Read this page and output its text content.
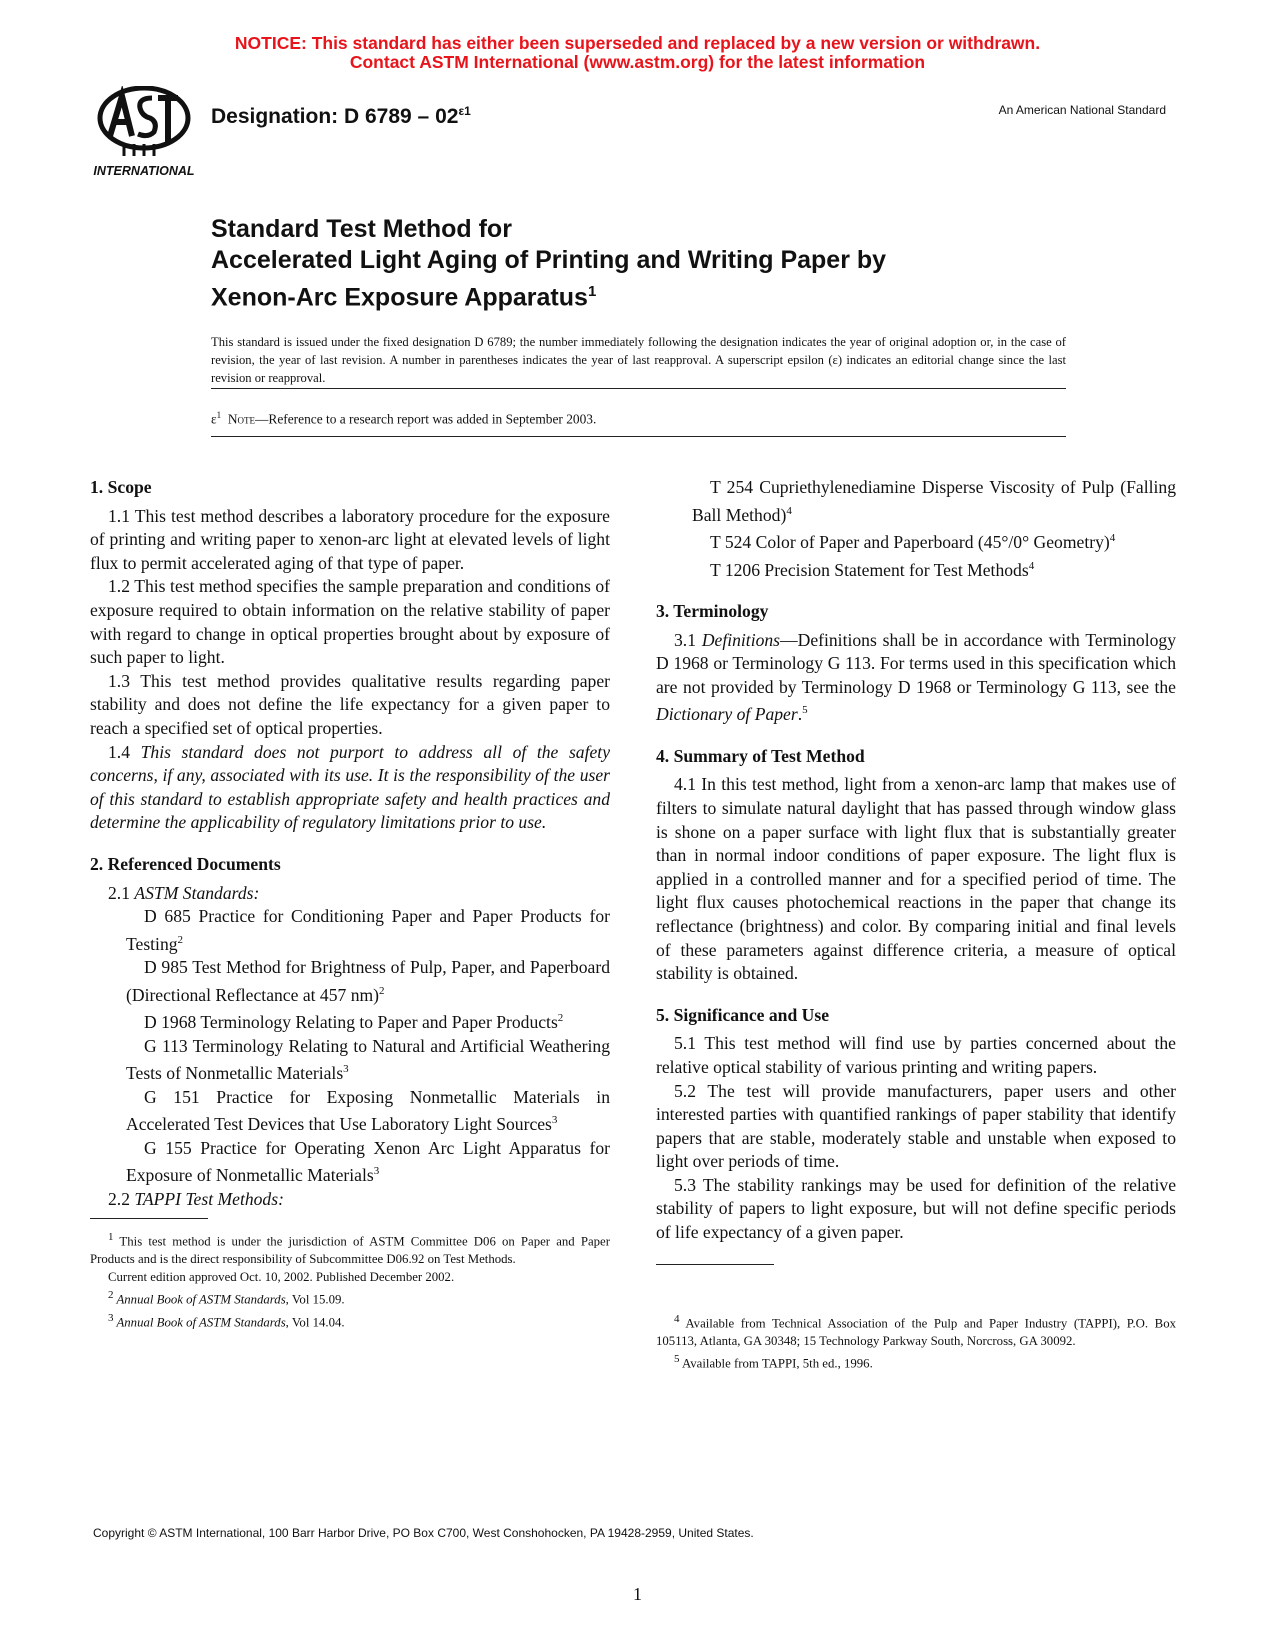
NOTICE: This standard has either been superseded and replaced by a new version or withdrawn.
Contact ASTM International (www.astm.org) for the latest information
INTERNATIONAL
Designation: D $6789 - 02^{\varepsilon 1}$	An American National Standard
Standard Test Method for
Accelerated Light Aging of Printing and Writing Paper by
Xenon-Arc Exposure Apparatus$^1$
This standard is issued under the fixed designation D 6789; the number immediately following the designation indicates the year of original adoption or, in the case of revision, the year of last revision. A number in parentheses indicates the year of last reapproval. A superscript epsilon (ε) indicates an editorial change since the last revision or reapproval.
$\varepsilon^1$ Note—Reference to a research report was added in September 2003.
1. Scope

1.1 This test method describes a laboratory procedure for the exposure of printing and writing paper to xenon-arc light at elevated levels of light flux to permit accelerated aging of that type of paper.

1.2 This test method specifies the sample preparation and conditions of exposure required to obtain information on the relative stability of paper with regard to change in optical properties brought about by exposure of such paper to light.

1.3 This test method provides qualitative results regarding paper stability and does not define the life expectancy for a given paper to reach a specified set of optical properties.

1.4 This standard does not purport to address all of the safety concerns, if any, associated with its use. It is the responsibility of the user of this standard to establish appropriate safety and health practices and determine the applicability of regulatory limitations prior to use.

2. Referenced Documents
2.1 ASTM Standards:

D 685 Practice for Conditioning Paper and Paper Products for Testing$^2$

D 985 Test Method for Brightness of Pulp, Paper, and Paperboard (Directional Reflectance at 457 nm)$^2$

D 1968 Terminology Relating to Paper and Paper Products$^2$

G 113 Terminology Relating to Natural and Artificial Weathering Tests of Nonmetallic Materials$^3$

G 151 Practice for Exposing Nonmetallic Materials in Accelerated Test Devices that Use Laboratory Light Sources$^3$

G 155 Practice for Operating Xenon Arc Light Apparatus for Exposure of Nonmetallic Materials$^3$

2.2 TAPPI Test Methods:

$^1$ This test method is under the jurisdiction of ASTM Committee D06 on Paper and Paper Products and is the direct responsibility of Subcommittee D06.92 on Test Methods.

Current edition approved Oct. 10, 2002. Published December 2002.

$^2$ Annual Book of ASTM Standards, Vol 15.09.

$^3$ Annual Book of ASTM Standards, Vol 14.04.

T 254 Cupriethylenediamine Disperse Viscosity of Pulp (Falling Ball Method)$^4$

T 524 Color of Paper and Paperboard (45°/0° Geometry)$^4$

T 1206 Precision Statement for Test Methods$^4$

3. Terminology

3.1 Definitions—Definitions shall be in accordance with Terminology D 1968 or Terminology G 113. For terms used in this specification which are not provided by Terminology D 1968 or Terminology G 113, see the Dictionary of Paper.$^5$

4. Summary of Test Method

4.1 In this test method, light from a xenon-arc lamp that makes use of filters to simulate natural daylight that has passed through window glass is shone on a paper surface with light flux that is substantially greater than in normal indoor conditions of paper exposure. The light flux is applied in a controlled manner and for a specified period of time. The light flux causes photochemical reactions in the paper that change its reflectance (brightness) and color. By comparing initial and final levels of these parameters against difference criteria, a measure of optical stability is obtained.

5. Significance and Use

5.1 This test method will find use by parties concerned about the relative optical stability of various printing and writing papers.

5.2 The test will provide manufacturers, paper users and other interested parties with quantified rankings of paper stability that identify papers that are stable, moderately stable and unstable when exposed to light over periods of time.

5.3 The stability rankings may be used for definition of the relative stability of papers to light exposure, but will not define specific periods of life expectancy of a given paper.

$^4$ Available from Technical Association of the Pulp and Paper Industry (TAPPI), P.O. Box 105113, Atlanta, GA 30348; 15 Technology Parkway South, Norcross, GA 30092.

$^5$ Available from TAPPI, 5th ed., 1996.

Copyright © ASTM International, 100 Barr Harbor Drive, PO Box C700, West Conshohocken, PA 19428-2959, United States.
1
